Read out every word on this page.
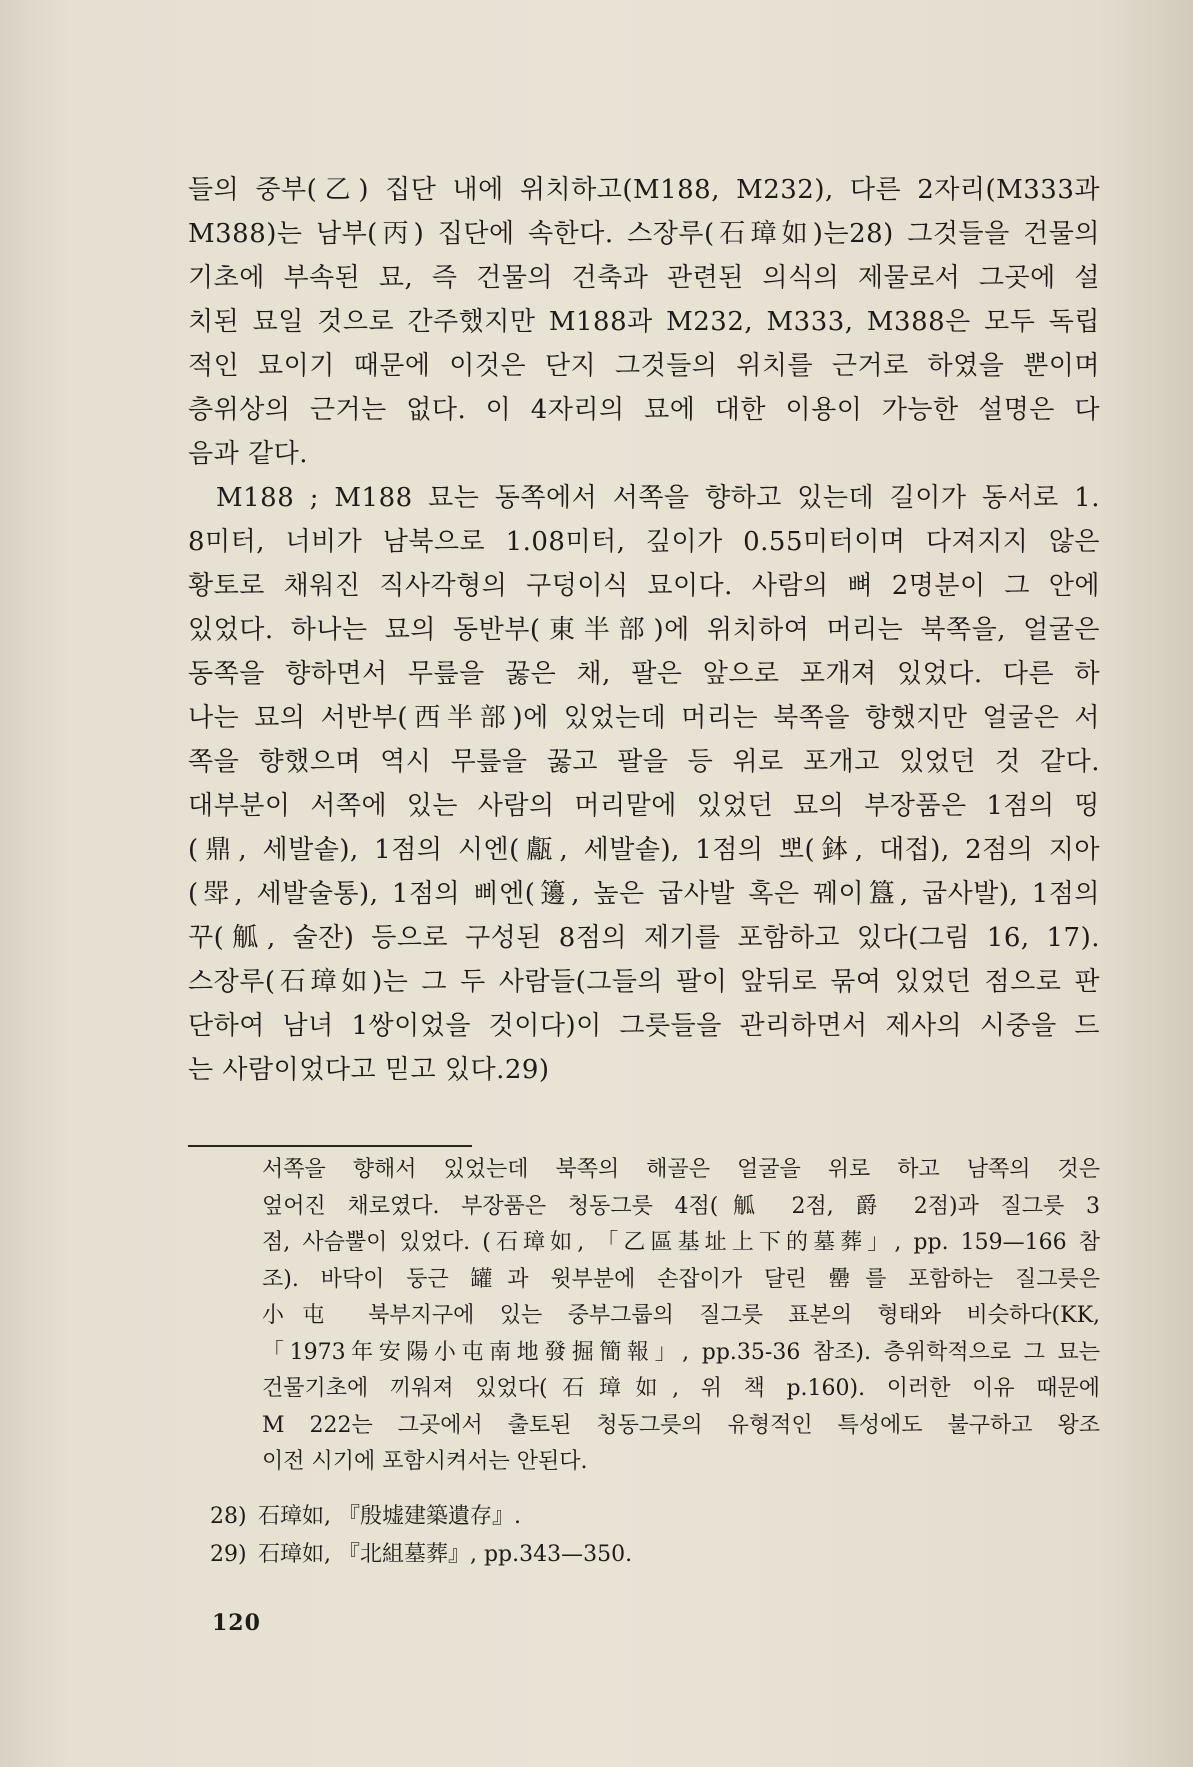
들의 중부(乙) 집단 내에 위치하고(M188, M232), 다른 2자리(M333과
M388)는 남부(丙) 집단에 속한다. 스장루(石璋如)는28) 그것들을 건물의
기초에 부속된 묘, 즉 건물의 건축과 관련된 의식의 제물로서 그곳에 설
치된 묘일 것으로 간주했지만 M188과 M232, M333, M388은 모두 독립
적인 묘이기 때문에 이것은 단지 그것들의 위치를 근거로 하였을 뿐이며
층위상의 근거는 없다. 이 4자리의 묘에 대한 이용이 가능한 설명은 다
음과 같다.
M188 ; M188 묘는 동쪽에서 서쪽을 향하고 있는데 길이가 동서로 1.
8미터, 너비가 남북으로 1.08미터, 깊이가 0.55미터이며 다져지지 않은
황토로 채워진 직사각형의 구덩이식 묘이다. 사람의 뼈 2명분이 그 안에
있었다. 하나는 묘의 동반부(東半部)에 위치하여 머리는 북쪽을, 얼굴은
동쪽을 향하면서 무릎을 꿇은 채, 팔은 앞으로 포개져 있었다. 다른 하
나는 묘의 서반부(西半部)에 있었는데 머리는 북쪽을 향했지만 얼굴은 서
쪽을 향했으며 역시 무릎을 꿇고 팔을 등 위로 포개고 있었던 것 같다.
대부분이 서쪽에 있는 사람의 머리맡에 있었던 묘의 부장품은 1점의 띵
(鼎, 세발솥), 1점의 시엔(甗, 세발솥), 1점의 뽀(鉢, 대접), 2점의 지아
(斝, 세발술통), 1점의 삐엔(籩, 높은 굽사발 혹은 꿰이簋, 굽사발), 1점의
꾸(觚, 술잔) 등으로 구성된 8점의 제기를 포함하고 있다(그림 16, 17).
스장루(石璋如)는 그 두 사람들(그들의 팔이 앞뒤로 묶여 있었던 점으로 판
단하여 남녀 1쌍이었을 것이다)이 그릇들을 관리하면서 제사의 시중을 드
는 사람이었다고 믿고 있다.29)
서쪽을 향해서 있었는데 북쪽의 해골은 얼굴을 위로 하고 남쪽의 것은
엎어진 채로였다. 부장품은 청동그릇 4점(觚 2점, 爵 2점)과 질그릇 3
점, 사슴뿔이 있었다. (石璋如, 「乙區基址上下的墓葬」, pp. 159—166 참
조). 바닥이 둥근 罐과 윗부분에 손잡이가 달린 罍를 포함하는 질그릇은
小屯 북부지구에 있는 중부그룹의 질그릇 표본의 형태와 비슷하다(KK,
「1973年安陽小屯南地發掘簡報」, pp.35-36 참조). 층위학적으로 그 묘는
건물기초에 끼워져 있었다(石璋如, 위 책 p.160). 이러한 이유 때문에
M 222는 그곳에서 출토된 청동그릇의 유형적인 특성에도 불구하고 왕조
이전 시기에 포함시켜서는 안된다.
28) 石璋如, 『殷墟建築遺存』.
29) 石璋如, 『北組墓葬』, pp.343—350.
120
